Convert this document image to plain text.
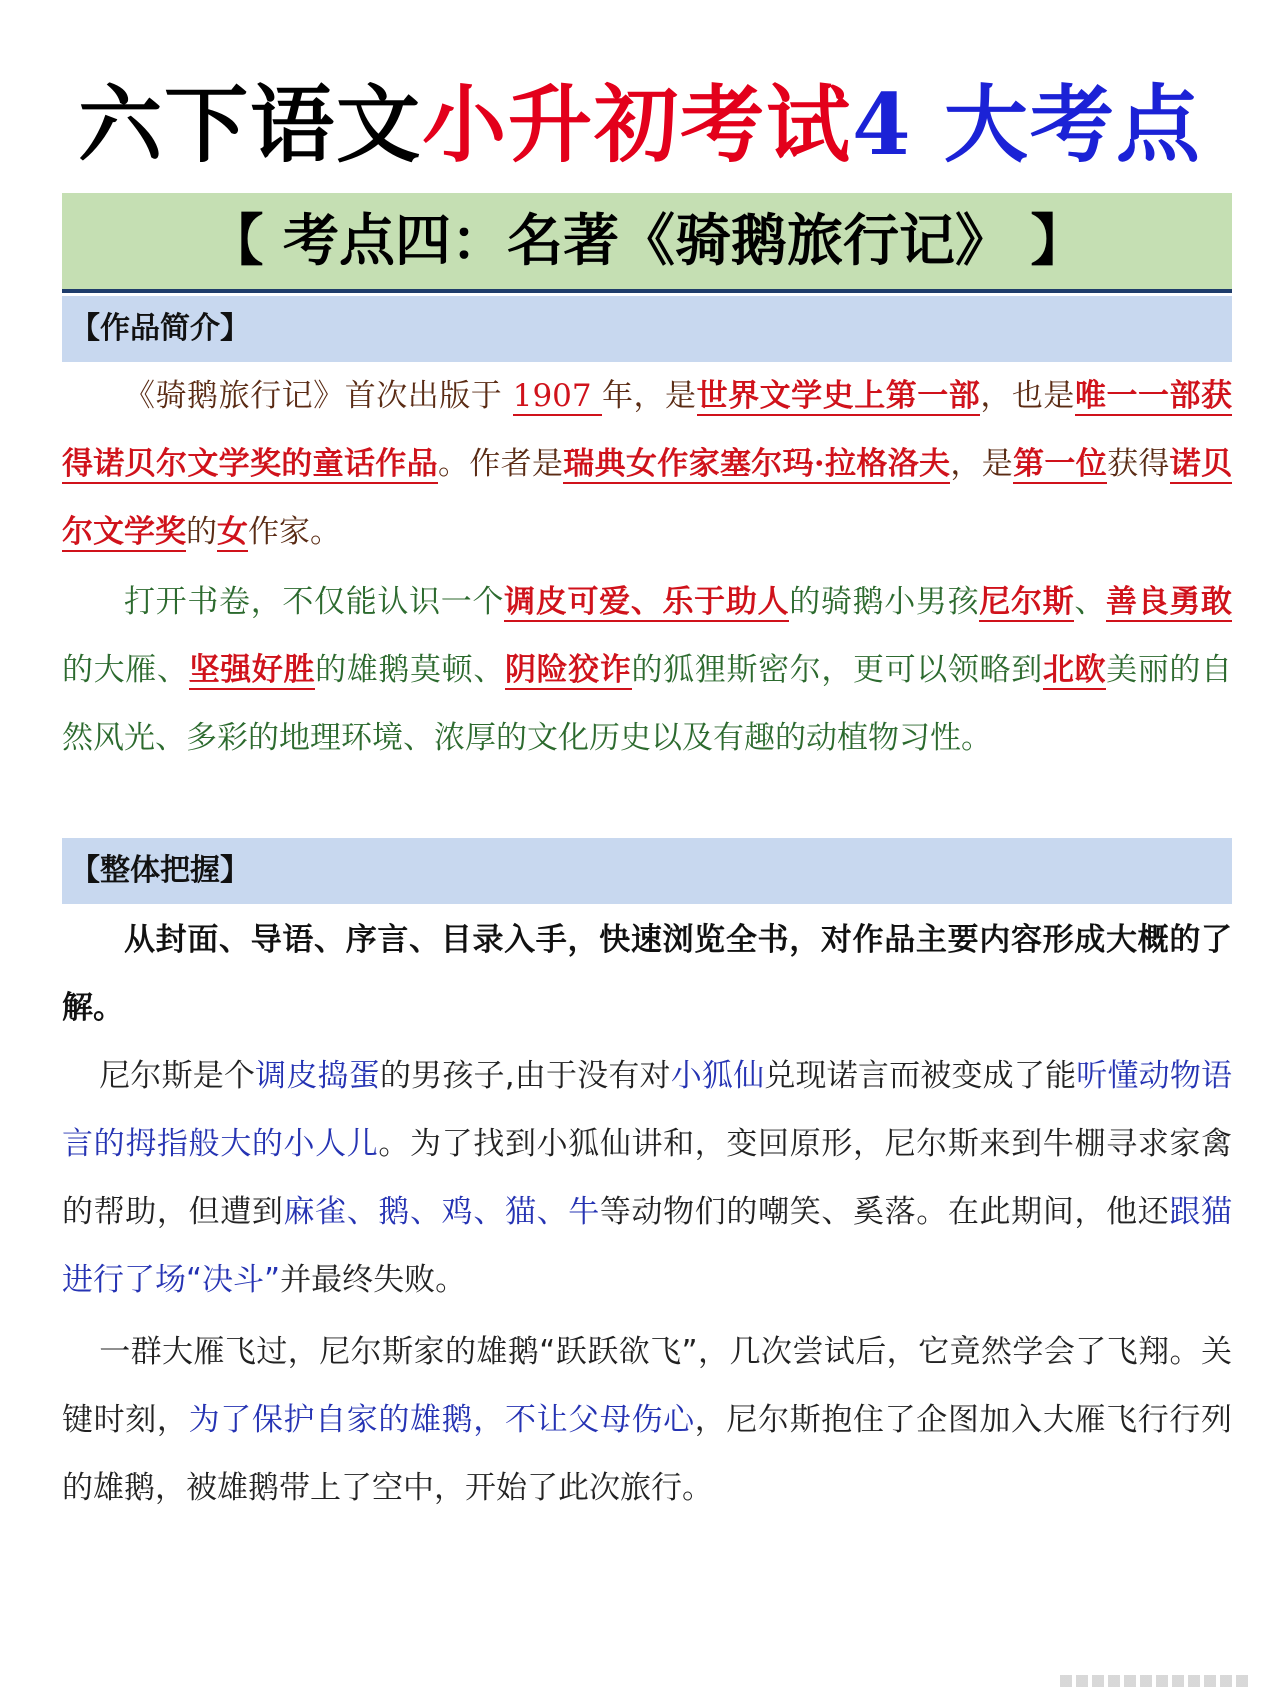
六下语文小升初考试4 大考点
【 考点四：名著《骑鹅旅行记》 】
【作品简介】

《骑鹅旅行记》首次出版于 1907 年，是世界文学史上第一部，也是唯一一部获得诺贝尔文学奖的童话作品。作者是瑞典女作家塞尔玛·拉格洛夫，是第一位获得诺贝尔文学奖的女作家。

打开书卷，不仅能认识一个调皮可爱、乐于助人的骑鹅小男孩尼尔斯、善良勇敢的大雁、坚强好胜的雄鹅莫顿、阴险狡诈的狐狸斯密尔，更可以领略到北欧美丽的自然风光、多彩的地理环境、浓厚的文化历史以及有趣的动植物习性。

【整体把握】

从封面、导语、序言、目录入手，快速浏览全书，对作品主要内容形成大概的了解。

尼尔斯是个调皮捣蛋的男孩子,由于没有对小狐仙兑现诺言而被变成了能听懂动物语言的拇指般大的小人儿。为了找到小狐仙讲和，变回原形，尼尔斯来到牛棚寻求家禽的帮助，但遭到麻雀、鹅、鸡、猫、牛等动物们的嘲笑、奚落。在此期间，他还跟猫进行了场“决斗”并最终失败。

一群大雁飞过，尼尔斯家的雄鹅“跃跃欲飞”，几次尝试后，它竟然学会了飞翔。关键时刻，为了保护自家的雄鹅，不让父母伤心，尼尔斯抱住了企图加入大雁飞行行列的雄鹅，被雄鹅带上了空中，开始了此次旅行。
